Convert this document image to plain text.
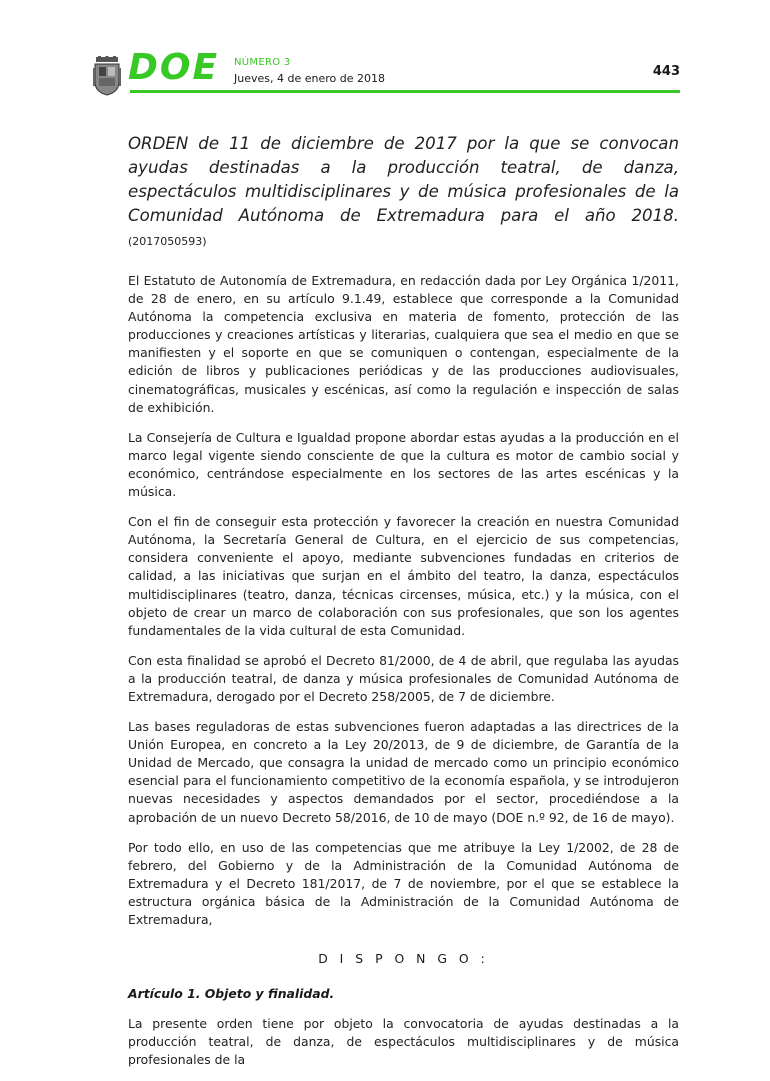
DOE NÚMERO 3
Jueves, 4 de enero de 2018	443

ORDEN de 11 de diciembre de 2017 por la que se convocan ayudas destinadas a la producción teatral, de danza, espectáculos multidisciplinares y de música profesionales de la Comunidad Autónoma de Extremadura para el año 2018. (2017050593)

El Estatuto de Autonomía de Extremadura, en redacción dada por Ley Orgánica 1/2011, de 28 de enero, en su artículo 9.1.49, establece que corresponde a la Comunidad Autónoma la competencia exclusiva en materia de fomento, protección de las producciones y creaciones artísticas y literarias, cualquiera que sea el medio en que se manifiesten y el soporte en que se comuniquen o contengan, especialmente de la edición de libros y publicaciones periódicas y de las producciones audiovisuales, cinematográficas, musicales y escénicas, así como la regulación e inspección de salas de exhibición.

La Consejería de Cultura e Igualdad propone abordar estas ayudas a la producción en el marco legal vigente siendo consciente de que la cultura es motor de cambio social y económico, centrándose especialmente en los sectores de las artes escénicas y la música.

Con el fin de conseguir esta protección y favorecer la creación en nuestra Comunidad Autónoma, la Secretaría General de Cultura, en el ejercicio de sus competencias, considera conveniente el apoyo, mediante subvenciones fundadas en criterios de calidad, a las iniciativas que surjan en el ámbito del teatro, la danza, espectáculos multidisciplinares (teatro, danza, técnicas circenses, música, etc.) y la música, con el objeto de crear un marco de colaboración con sus profesionales, que son los agentes fundamentales de la vida cultural de esta Comunidad.

Con esta finalidad se aprobó el Decreto 81/2000, de 4 de abril, que regulaba las ayudas a la producción teatral, de danza y música profesionales de Comunidad Autónoma de Extremadura, derogado por el Decreto 258/2005, de 7 de diciembre.

Las bases reguladoras de estas subvenciones fueron adaptadas a las directrices de la Unión Europea, en concreto a la Ley 20/2013, de 9 de diciembre, de Garantía de la Unidad de Mercado, que consagra la unidad de mercado como un principio económico esencial para el funcionamiento competitivo de la economía española, y se introdujeron nuevas necesidades y aspectos demandados por el sector, procediéndose a la aprobación de un nuevo Decreto 58/2016, de 10 de mayo (DOE n.º 92, de 16 de mayo).

Por todo ello, en uso de las competencias que me atribuye la Ley 1/2002, de 28 de febrero, del Gobierno y de la Administración de la Comunidad Autónoma de Extremadura y el Decreto 181/2017, de 7 de noviembre, por el que se establece la estructura orgánica básica de la Administración de la Comunidad Autónoma de Extremadura,

D I S P O N G O :
Artículo 1. Objeto y finalidad.

La presente orden tiene por objeto la convocatoria de ayudas destinadas a la producción teatral, de danza, de espectáculos multidisciplinares y de música profesionales de la
